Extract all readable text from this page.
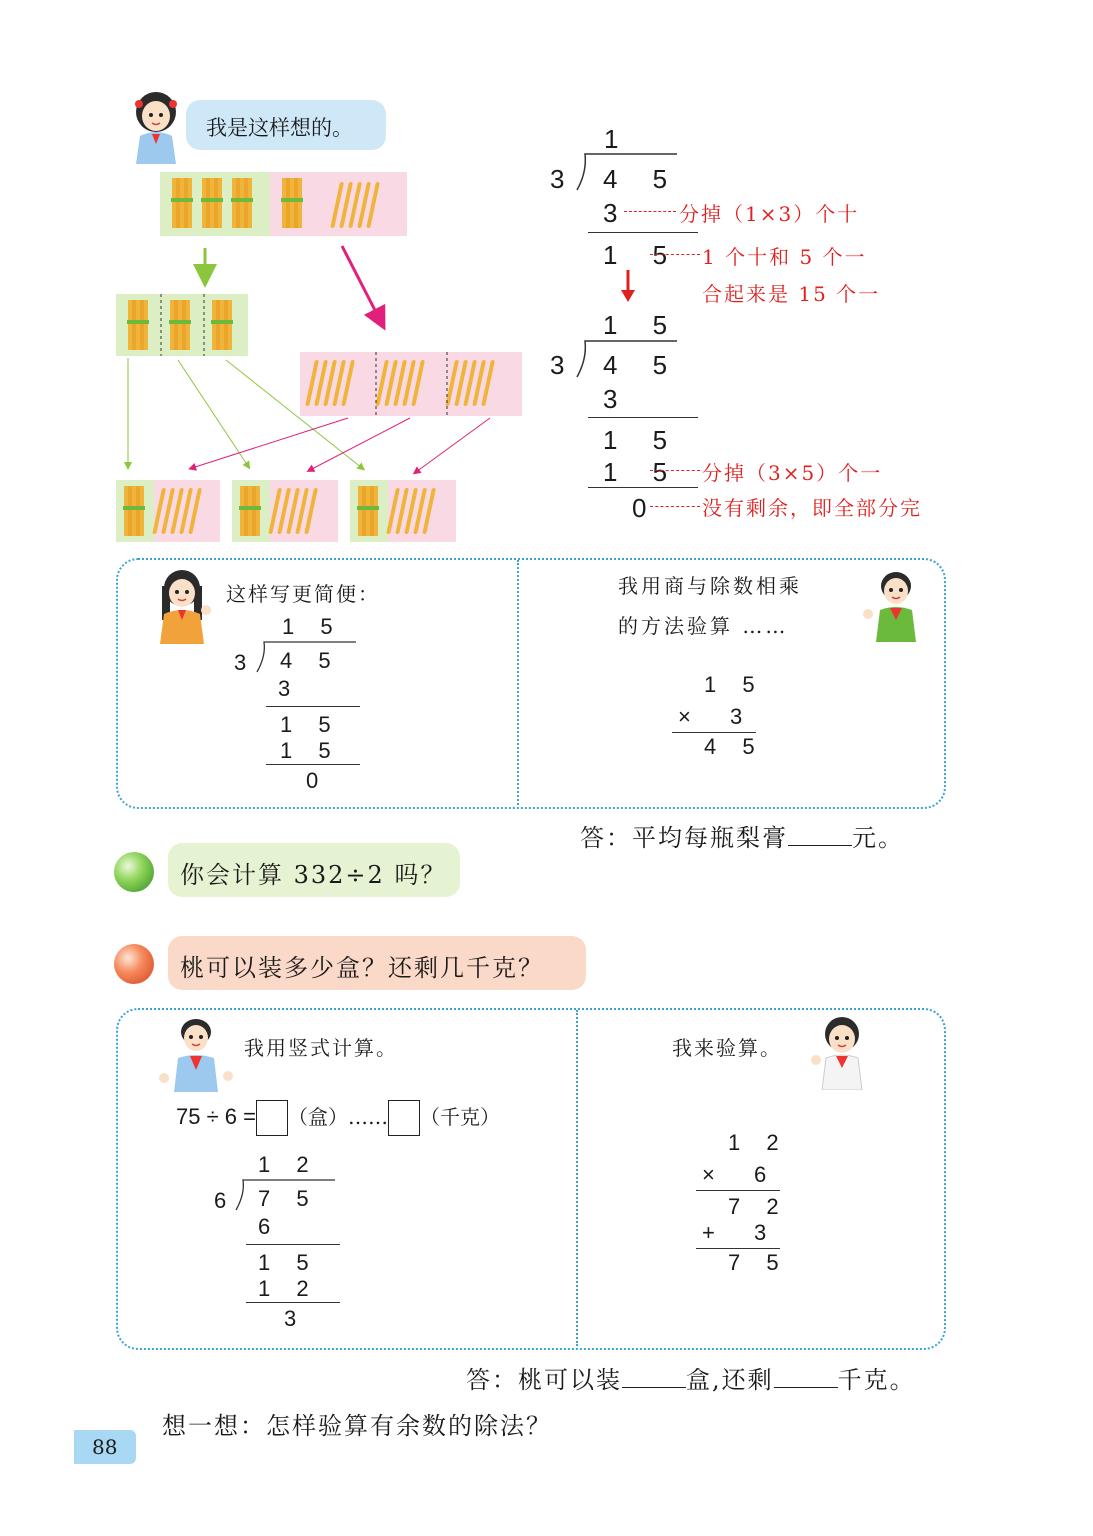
我是这样想的。	1
3 4 5
3 分掉（1×3）个十
1 5 1 个十和 5 个一
合起来是 15 个一
1 5
3 4 5
3
1 5
1 5 分掉（3×5）个一
0 没有剩余，即全部分完
这样写更简便：
1 5
3 4 5
3
1 5
1 5
0
我用商与除数相乘
的方法验算 ……
1 5
× 3
4 5
答：平均每瓶梨膏	元。
你会计算 332÷2 吗？
桃可以装多少盒？还剩几千克？
我用竖式计算。
75 ÷ 6 = （盒）…… （千克）
1 2
6 7 5
6
1 5
1 2
3
我来验算。
1 2
× 6
7 2
+ 3
7 5
答：桃可以装	盒,还剩	千克。
想一想：怎样验算有余数的除法？
88
